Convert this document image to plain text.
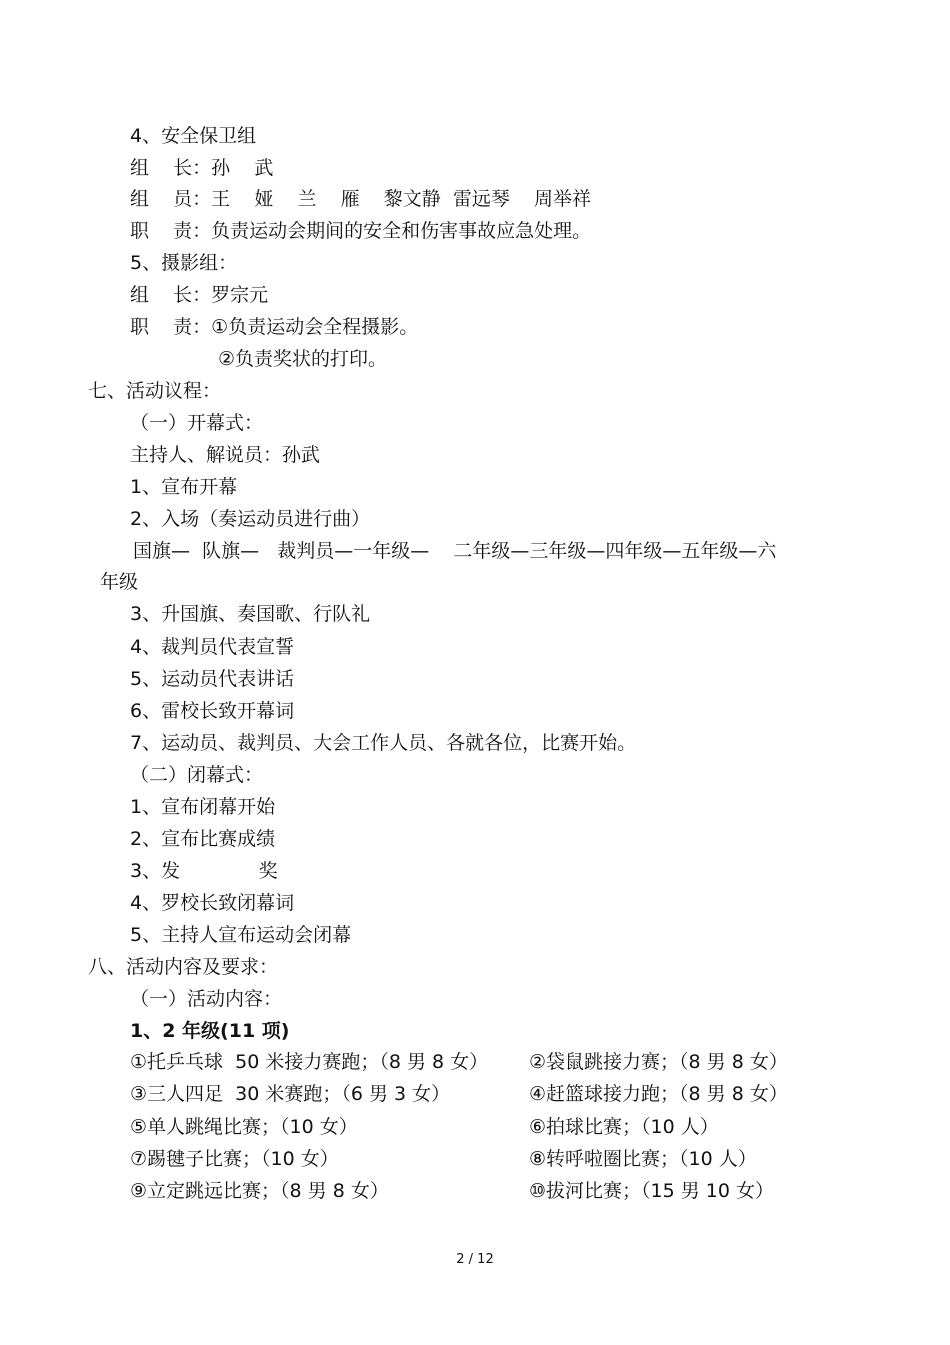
4、安全保卫组
组    长：孙    武
组    员：王    娅    兰    雁    黎文静  雷远琴    周举祥
职    责：负责运动会期间的安全和伤害事故应急处理。
5、摄影组：
组    长：罗宗元
职    责：①负责运动会全程摄影。
②负责奖状的打印。
七、活动议程：
（一）开幕式：
主持人、解说员：孙武
1、宣布开幕
2、入场（奏运动员进行曲）
国旗—  队旗—   裁判员—一年级—    二年级—三年级—四年级—五年级—六
年级
3、升国旗、奏国歌、行队礼
4、裁判员代表宣誓
5、运动员代表讲话
6、雷校长致开幕词
7、运动员、裁判员、大会工作人员、各就各位，比赛开始。
（二）闭幕式：
1、宣布闭幕开始
2、宣布比赛成绩
3、发             奖
4、罗校长致闭幕词
5、主持人宣布运动会闭幕
八、活动内容及要求：
（一）活动内容：
1、2 年级(11 项)
①托乒乓球  50 米接力赛跑；（8 男 8 女）
③三人四足  30 米赛跑；（6 男 3 女）
⑤单人跳绳比赛；（10 女）
⑦踢毽子比赛；（10 女）
⑨立定跳远比赛；（8 男 8 女）
②袋鼠跳接力赛；（8 男 8 女）
④赶篮球接力跑；（8 男 8 女）
⑥拍球比赛；（10 人）
⑧转呼啦圈比赛；（10 人）
⑩拔河比赛；（15 男 10 女）
2 / 12
